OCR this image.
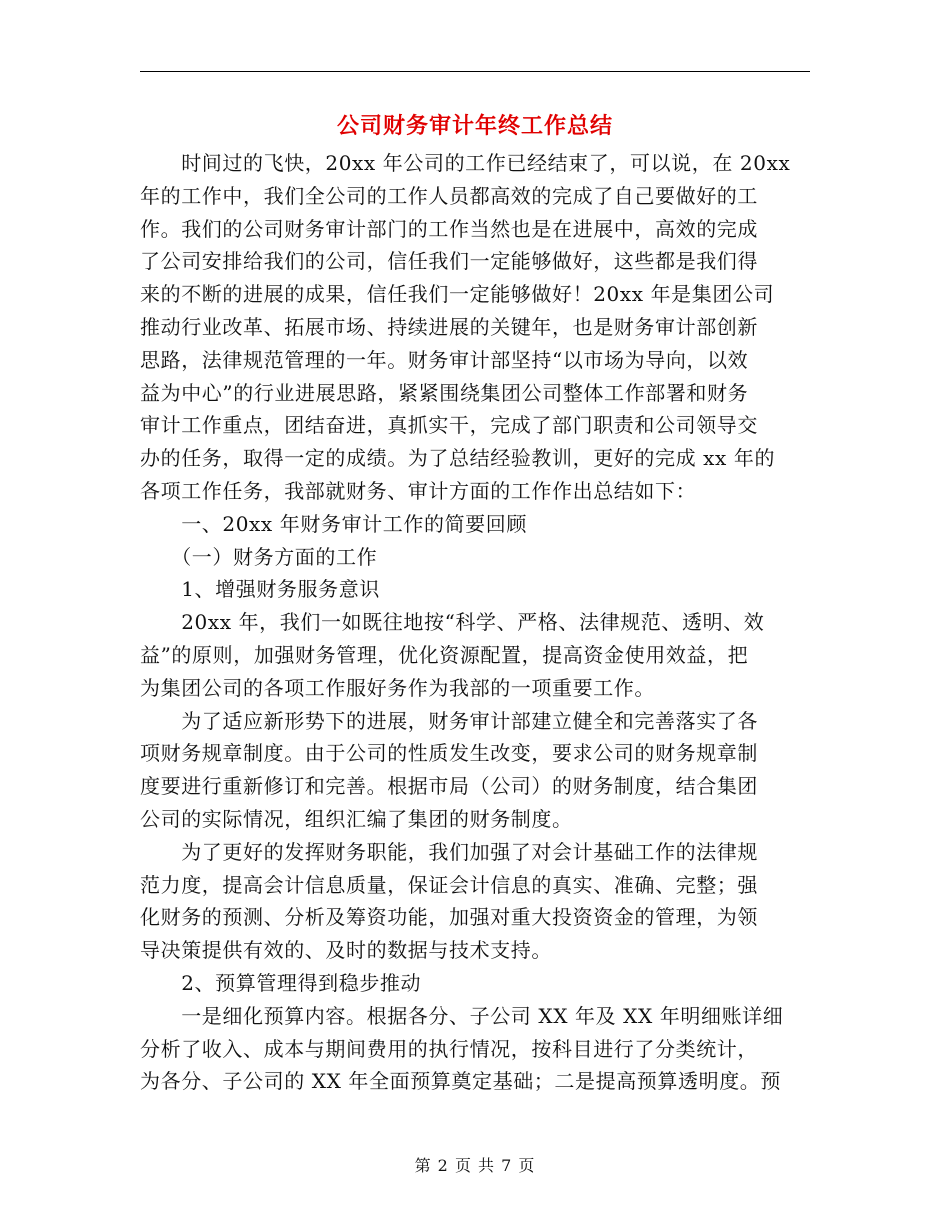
公司财务审计年终工作总结
　　时间过的飞快，20xx 年公司的工作已经结束了，可以说，在 20xx
年的工作中，我们全公司的工作人员都高效的完成了自己要做好的工
作。我们的公司财务审计部门的工作当然也是在进展中，高效的完成
了公司安排给我们的公司，信任我们一定能够做好，这些都是我们得
来的不断的进展的成果，信任我们一定能够做好！20xx 年是集团公司
推动行业改革、拓展市场、持续进展的关键年，也是财务审计部创新
思路，法律规范管理的一年。财务审计部坚持“以市场为导向，以效
益为中心”的行业进展思路，紧紧围绕集团公司整体工作部署和财务
审计工作重点，团结奋进，真抓实干，完成了部门职责和公司领导交
办的任务，取得一定的成绩。为了总结经验教训，更好的完成 xx 年的
各项工作任务，我部就财务、审计方面的工作作出总结如下：
　　一、20xx 年财务审计工作的简要回顾
　　（一）财务方面的工作
　　1、增强财务服务意识
　　20xx 年，我们一如既往地按“科学、严格、法律规范、透明、效
益”的原则，加强财务管理，优化资源配置，提高资金使用效益，把
为集团公司的各项工作服好务作为我部的一项重要工作。
　　为了适应新形势下的进展，财务审计部建立健全和完善落实了各
项财务规章制度。由于公司的性质发生改变，要求公司的财务规章制
度要进行重新修订和完善。根据市局（公司）的财务制度，结合集团
公司的实际情况，组织汇编了集团的财务制度。
　　为了更好的发挥财务职能，我们加强了对会计基础工作的法律规
范力度，提高会计信息质量，保证会计信息的真实、准确、完整；强
化财务的预测、分析及筹资功能，加强对重大投资资金的管理，为领
导决策提供有效的、及时的数据与技术支持。
　　2、预算管理得到稳步推动
　　一是细化预算内容。根据各分、子公司 XX 年及 XX 年明细账详细
分析了收入、成本与期间费用的执行情况，按科目进行了分类统计，
为各分、子公司的 XX 年全面预算奠定基础；二是提高预算透明度。预
第 2 页 共 7 页
